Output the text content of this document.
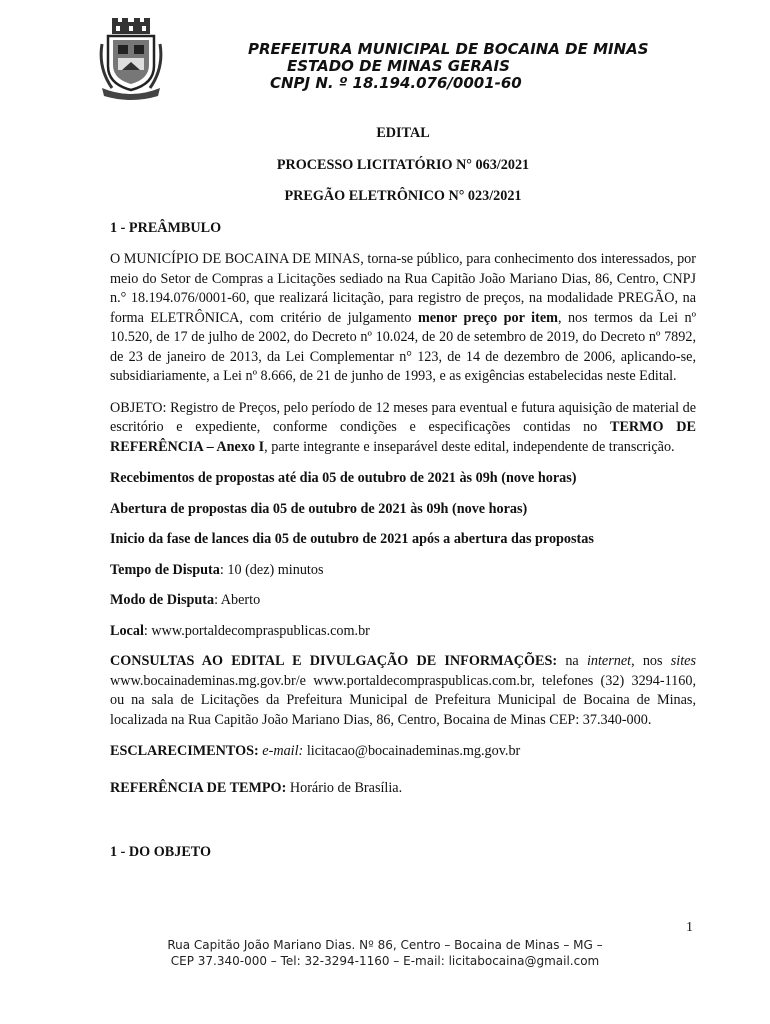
PREFEITURA MUNICIPAL DE BOCAINA DE MINAS
ESTADO DE MINAS GERAIS
CNPJ N. º 18.194.076/0001-60
EDITAL
PROCESSO LICITATÓRIO N° 063/2021
PREGÃO ELETRÔNICO N° 023/2021
1 - PREÂMBULO

O MUNICÍPIO DE BOCAINA DE MINAS, torna-se público, para conhecimento dos interessados, por meio do Setor de Compras a Licitações sediado na Rua Capitão João Mariano Dias, 86, Centro, CNPJ n.° 18.194.076/0001-60, que realizará licitação, para registro de preços, na modalidade PREGÃO, na forma ELETRÔNICA, com critério de julgamento menor preço por item, nos termos da Lei nº 10.520, de 17 de julho de 2002, do Decreto nº 10.024, de 20 de setembro de 2019, do Decreto nº 7892, de 23 de janeiro de 2013, da Lei Complementar n° 123, de 14 de dezembro de 2006, aplicando-se, subsidiariamente, a Lei nº 8.666, de 21 de junho de 1993, e as exigências estabelecidas neste Edital.

OBJETO: Registro de Preços, pelo período de 12 meses para eventual e futura aquisição de material de escritório e expediente, conforme condições e especificações contidas no TERMO DE REFERÊNCIA – Anexo I, parte integrante e inseparável deste edital, independente de transcrição.

Recebimentos de propostas até dia 05 de outubro de 2021 às 09h (nove horas)
Abertura de propostas dia 05 de outubro de 2021 às 09h (nove horas)
Inicio da fase de lances dia 05 de outubro de 2021 após a abertura das propostas
Tempo de Disputa: 10 (dez) minutos
Modo de Disputa: Aberto
Local: www.portaldecompraspublicas.com.br

CONSULTAS AO EDITAL E DIVULGAÇÃO DE INFORMAÇÕES: na internet, nos sites www.bocainademinas.mg.gov.br/e www.portaldecompraspublicas.com.br, telefones (32) 3294-1160, ou na sala de Licitações da Prefeitura Municipal de Prefeitura Municipal de Bocaina de Minas, localizada na Rua Capitão João Mariano Dias, 86, Centro, Bocaina de Minas CEP: 37.340-000.

ESCLARECIMENTOS: e-mail: licitacao@bocainademinas.mg.gov.br
REFERÊNCIA DE TEMPO: Horário de Brasília.
1 - DO OBJETO
1
Rua Capitão João Mariano Dias. Nº 86, Centro – Bocaina de Minas – MG –
CEP 37.340-000 – Tel: 32-3294-1160 – E-mail: licitabocaina@gmail.com
